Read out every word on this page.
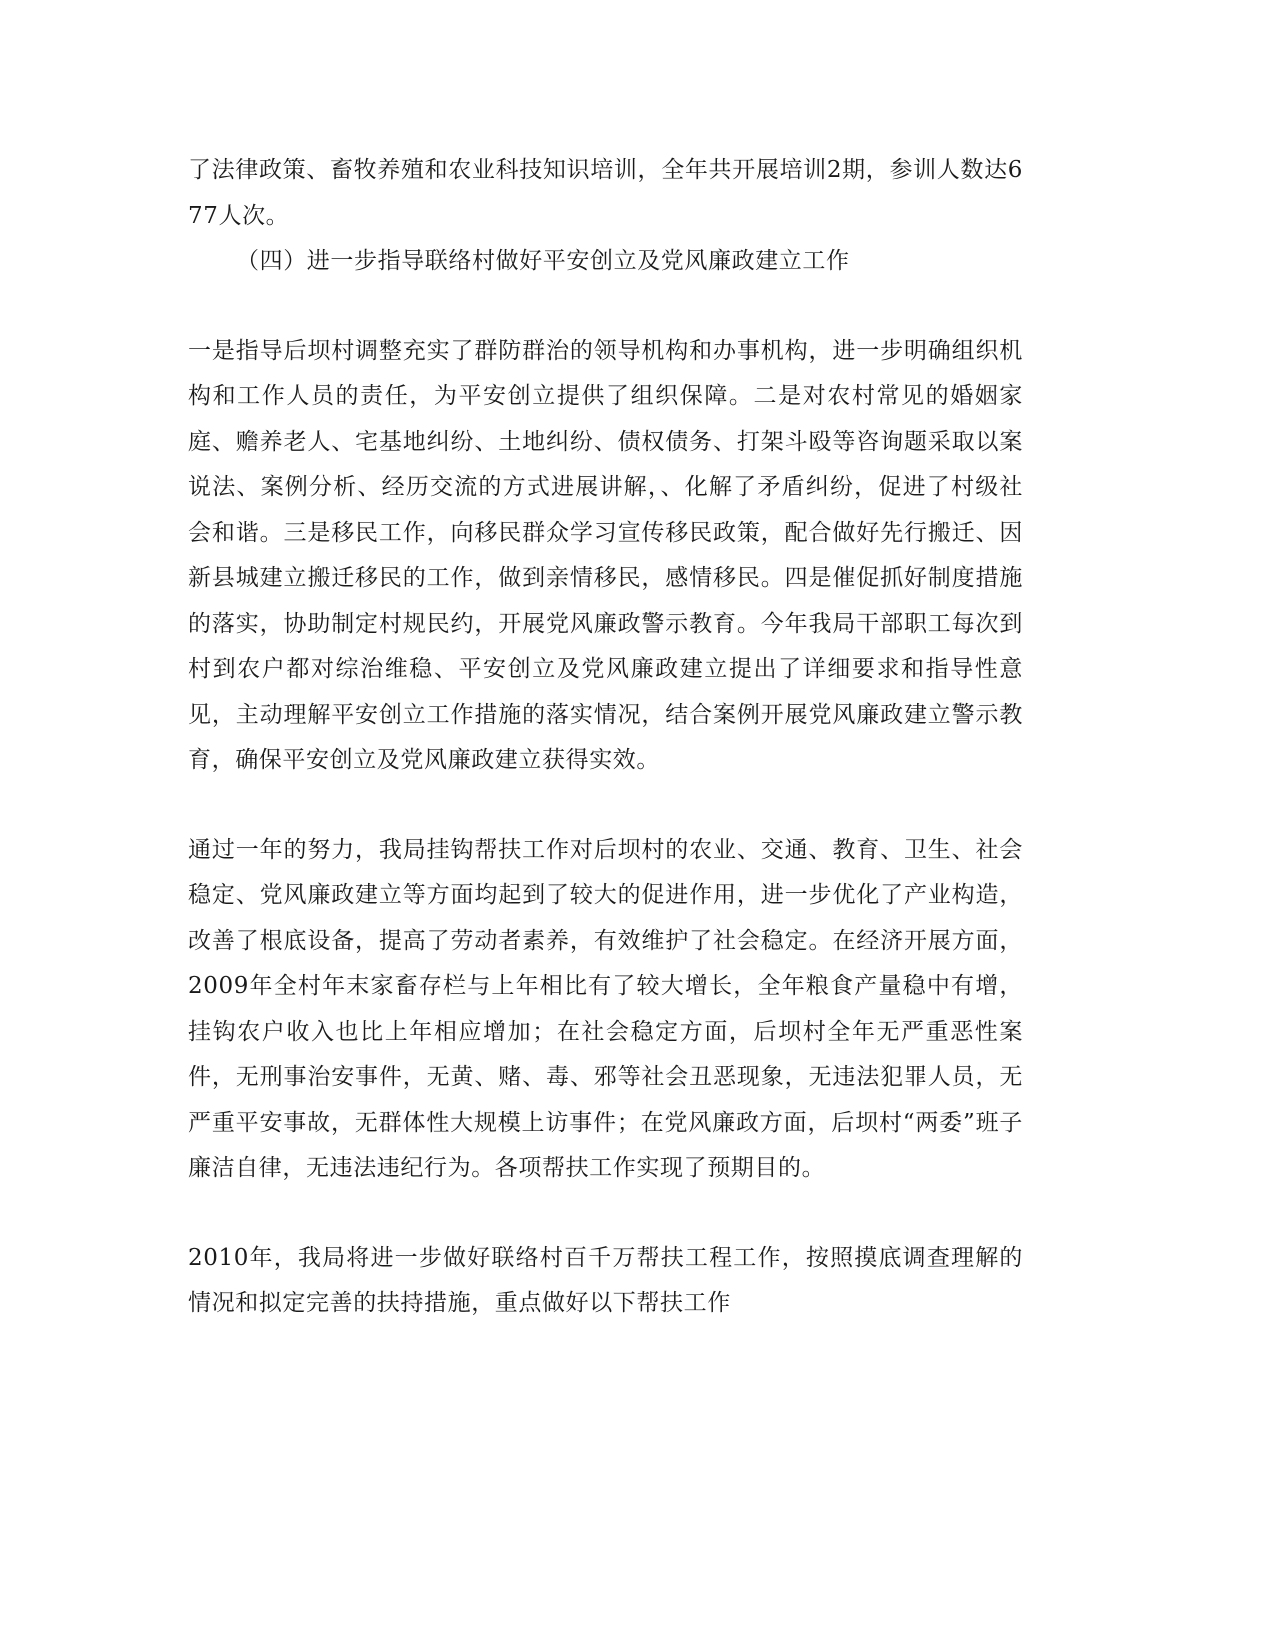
了法律政策、畜牧养殖和农业科技知识培训，全年共开展培训2期，参训人数达677人次。

（四）进一步指导联络村做好平安创立及党风廉政建立工作

一是指导后坝村调整充实了群防群治的领导机构和办事机构，进一步明确组织机构和工作人员的责任，为平安创立提供了组织保障。二是对农村常见的婚姻家庭、赡养老人、宅基地纠纷、土地纠纷、债权债务、打架斗殴等咨询题采取以案说法、案例分析、经历交流的方式进展讲解，、化解了矛盾纠纷，促进了村级社会和谐。三是移民工作，向移民群众学习宣传移民政策，配合做好先行搬迁、因新县城建立搬迁移民的工作，做到亲情移民，感情移民。四是催促抓好制度措施的落实，协助制定村规民约，开展党风廉政警示教育。今年我局干部职工每次到村到农户都对综治维稳、平安创立及党风廉政建立提出了详细要求和指导性意见，主动理解平安创立工作措施的落实情况，结合案例开展党风廉政建立警示教育，确保平安创立及党风廉政建立获得实效。

通过一年的努力，我局挂钩帮扶工作对后坝村的农业、交通、教育、卫生、社会稳定、党风廉政建立等方面均起到了较大的促进作用，进一步优化了产业构造，改善了根底设备，提高了劳动者素养，有效维护了社会稳定。在经济开展方面，2009年全村年末家畜存栏与上年相比有了较大增长，全年粮食产量稳中有增，挂钩农户收入也比上年相应增加；在社会稳定方面，后坝村全年无严重恶性案件，无刑事治安事件，无黄、赌、毒、邪等社会丑恶现象，无违法犯罪人员，无严重平安事故，无群体性大规模上访事件；在党风廉政方面，后坝村“两委”班子廉洁自律，无违法违纪行为。各项帮扶工作实现了预期目的。

2010年，我局将进一步做好联络村百千万帮扶工程工作，按照摸底调查理解的情况和拟定完善的扶持措施，重点做好以下帮扶工作
